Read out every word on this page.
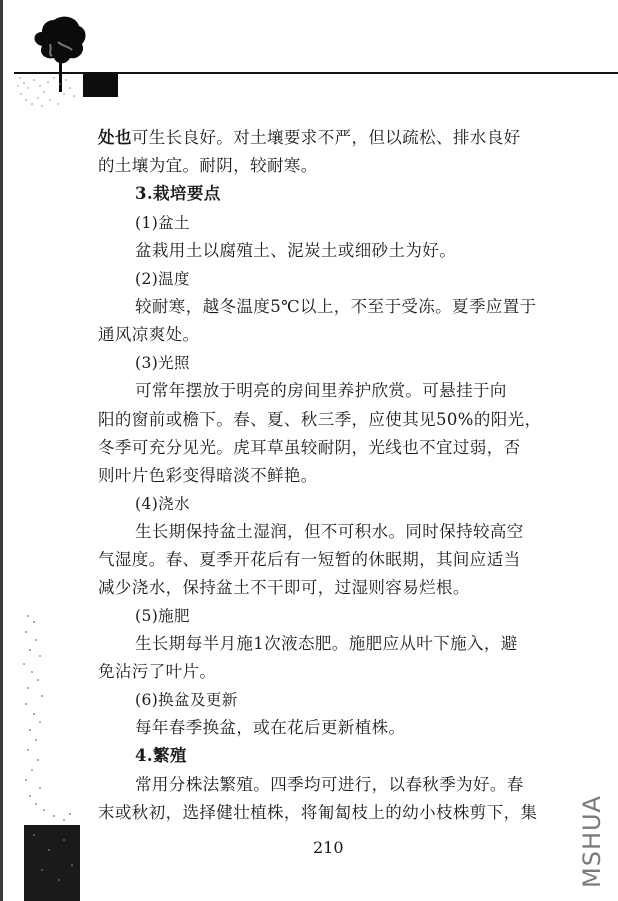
处也可生长良好。对土壤要求不严，但以疏松、排水良好
的土壤为宜。耐阴，较耐寒。
3.栽培要点
(1)盆土
盆栽用土以腐殖土、泥炭土或细砂土为好。
(2)温度
较耐寒，越冬温度5℃以上，不至于受冻。夏季应置于
通风凉爽处。
(3)光照
可常年摆放于明亮的房间里养护欣赏。可悬挂于向
阳的窗前或檐下。春、夏、秋三季，应使其见50%的阳光，
冬季可充分见光。虎耳草虽较耐阴，光线也不宜过弱，否
则叶片色彩变得暗淡不鲜艳。
(4)浇水
生长期保持盆土湿润，但不可积水。同时保持较高空
气湿度。春、夏季开花后有一短暂的休眠期，其间应适当
减少浇水，保持盆土不干即可，过湿则容易烂根。
(5)施肥
生长期每半月施1次液态肥。施肥应从叶下施入，避
免沾污了叶片。
(6)换盆及更新
每年春季换盆，或在花后更新植株。
4.繁殖
常用分株法繁殖。四季均可进行，以春秋季为好。春
末或秋初，选择健壮植株，将匍匐枝上的幼小枝株剪下，集
210	MSHUA
